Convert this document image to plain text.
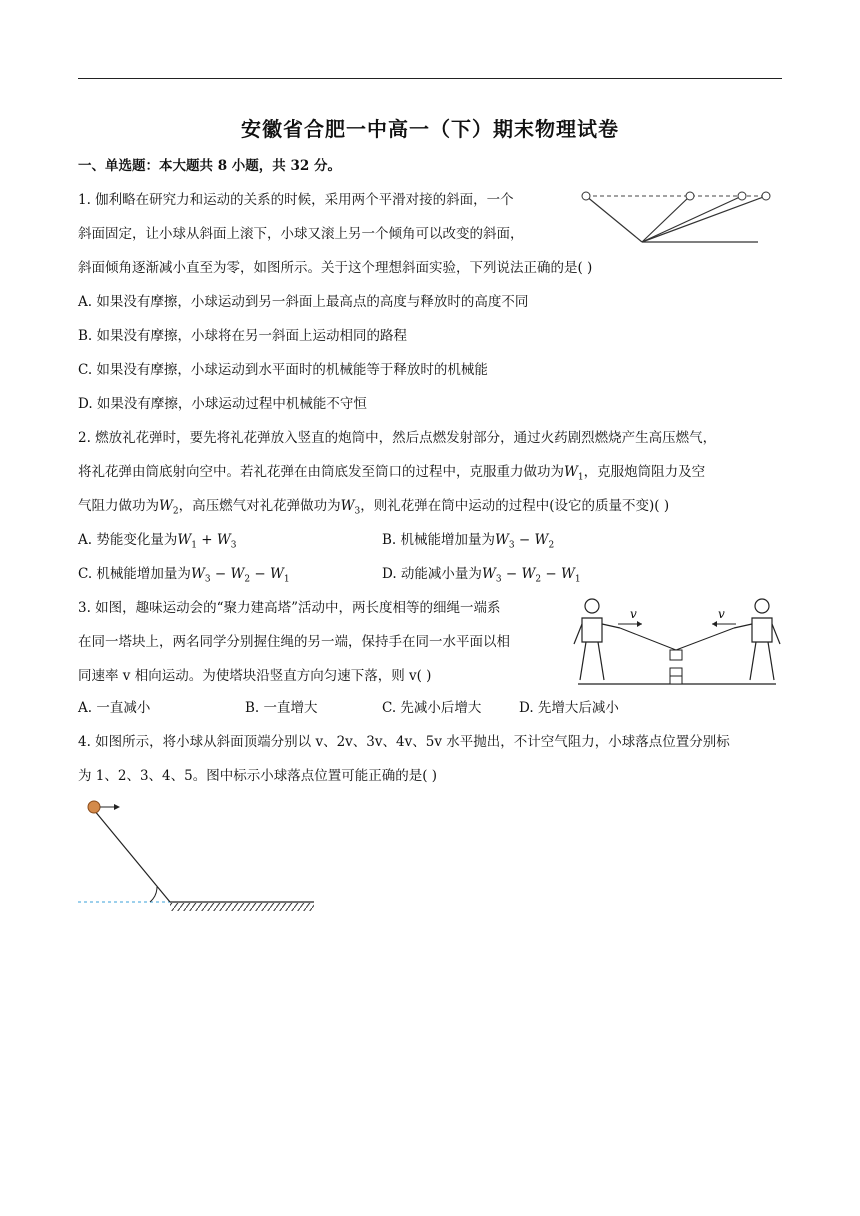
安徽省合肥一中高一（下）期末物理试卷
一、单选题：本大题共 8 小题，共 32 分。
1. 伽利略在研究力和运动的关系的时候，采用两个平滑对接的斜面，一个
斜面固定，让小球从斜面上滚下，小球又滚上另一个倾角可以改变的斜面，
斜面倾角逐渐减小直至为零，如图所示。关于这个理想斜面实验，下列说法正确的是( )
A. 如果没有摩擦，小球运动到另一斜面上最高点的高度与释放时的高度不同
B. 如果没有摩擦，小球将在另一斜面上运动相同的路程
C. 如果没有摩擦，小球运动到水平面时的机械能等于释放时的机械能
D. 如果没有摩擦，小球运动过程中机械能不守恒
2. 燃放礼花弹时，要先将礼花弹放入竖直的炮筒中，然后点燃发射部分，通过火药剧烈燃烧产生高压燃气，
将礼花弹由筒底射向空中。若礼花弹在由筒底发至筒口的过程中，克服重力做功为$W_1$，克服炮筒阻力及空
气阻力做功为$W_2$，高压燃气对礼花弹做功为$W_3$，则礼花弹在筒中运动的过程中(设它的质量不变)( )
A. 势能变化量为$W_1 + W_3$	B. 机械能增加量为$W_3 - W_2$
C. 机械能增加量为$W_3 - W_2 - W_1$	D. 动能减小量为$W_3 - W_2 - W_1$
3. 如图，趣味运动会的“聚力建高塔”活动中，两长度相等的细绳一端系
在同一塔块上，两名同学分别握住绳的另一端，保持手在同一水平面以相
同速率 v 相向运动。为使塔块沿竖直方向匀速下落，则 v( )
v	v
A. 一直减小	B. 一直增大	C. 先减小后增大	D. 先增大后减小
4. 如图所示，将小球从斜面顶端分别以 v、2v、3v、4v、5v 水平抛出，不计空气阻力，小球落点位置分别标
为 1、2、3、4、5。图中标示小球落点位置可能正确的是( )
